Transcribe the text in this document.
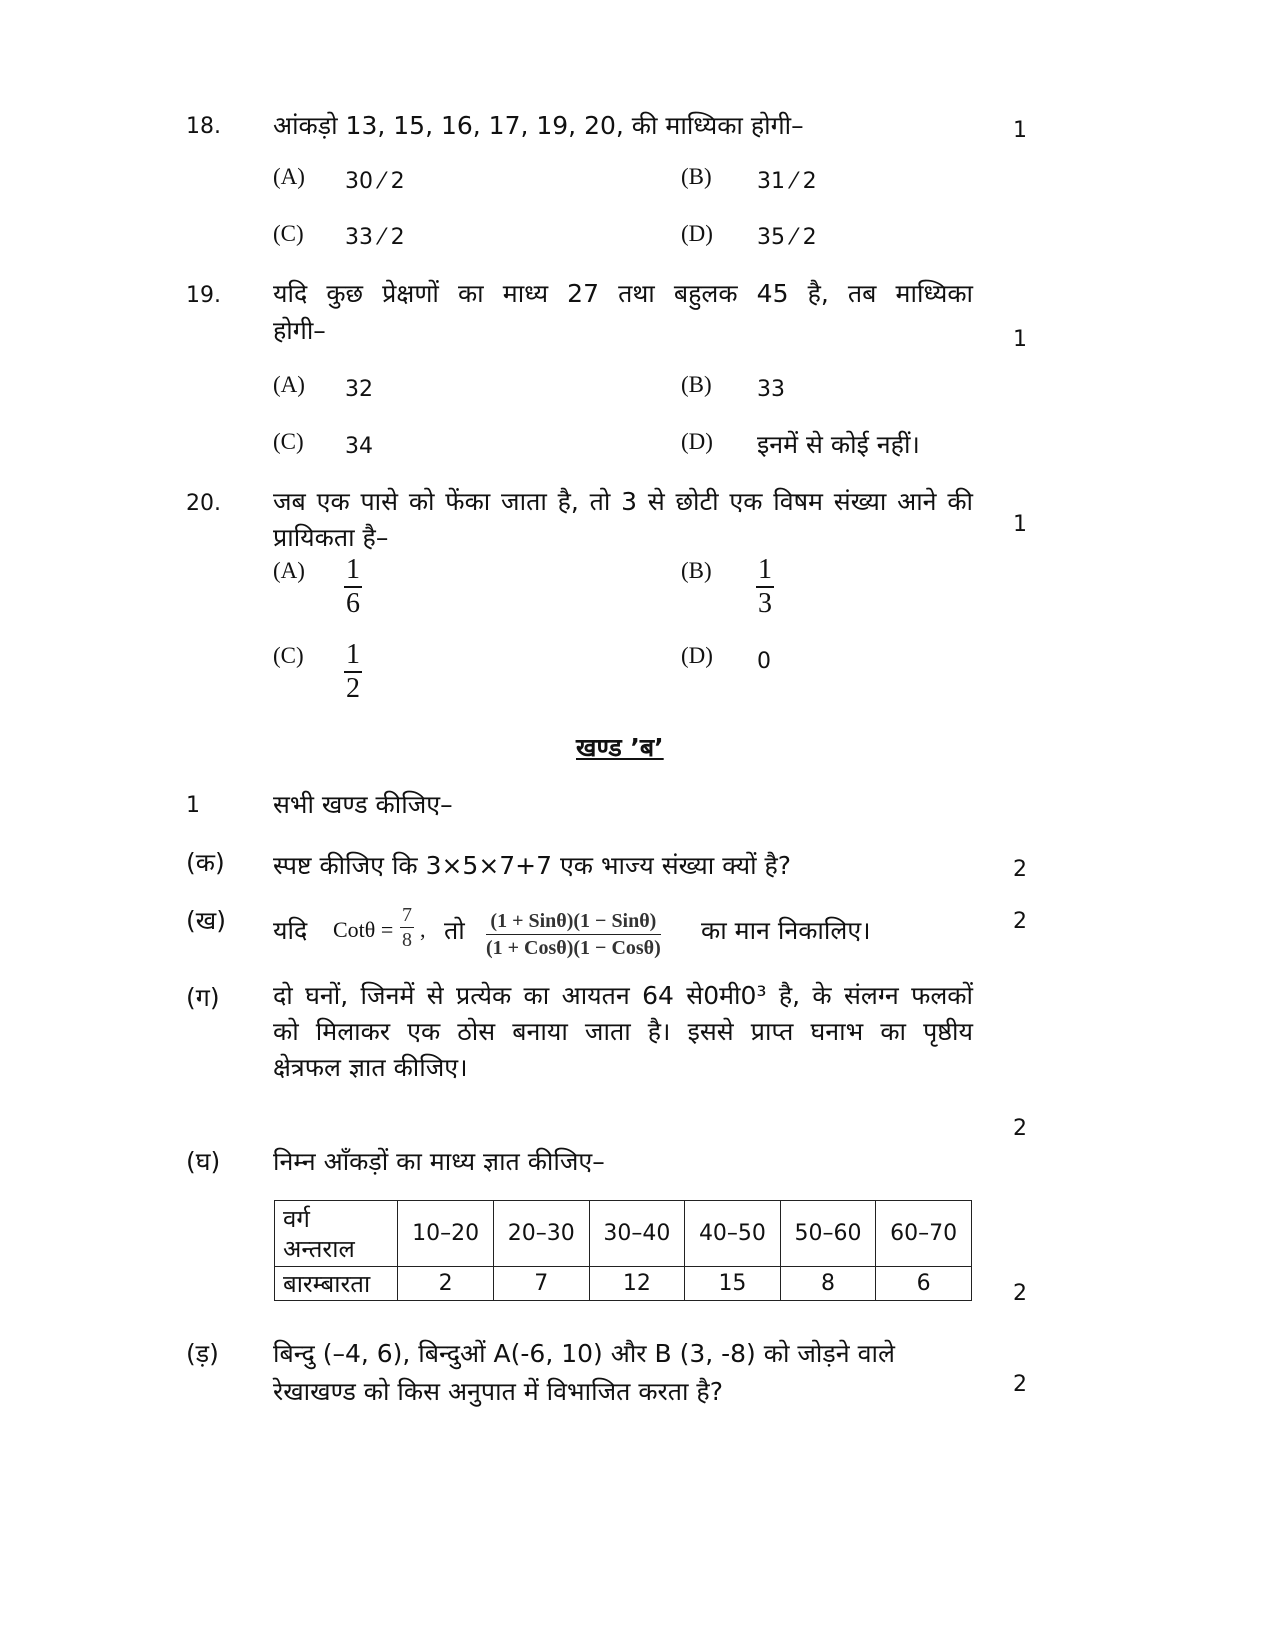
18. आंकड़ो 13, 15, 16, 17, 19, 20, की माध्यिका होगी–	1
(A) 30 ⁄ 2	(B) 31 ⁄ 2
(C) 33 ⁄ 2	(D) 35 ⁄ 2
19. यदि कुछ प्रेक्षणों का माध्य 27 तथा बहुलक 45 है, तब माध्यिका
होगी–	1
(A) 32	(B) 33
(C) 34	(D) इनमें से कोई नहीं।
20. जब एक पासे को फेंका जाता है, तो 3 से छोटी एक विषम संख्या आने की
प्रायिकता है–	1
(A) 1
6
(B) 1
3
(C) 1
2
(D) 0
खण्ड ’ब’
1	सभी खण्ड कीजिए–
(क) स्पष्ट कीजिए कि 3×5×7+7 एक भाज्य संख्या क्यों है?	2
(ख) यदि Cotθ =
7
8 , तो (1 + Sinθ)(1 − Sinθ)
(1 + Cosθ)(1 − Cosθ)
का मान निकालिए।	2
(ग) दो घनों, जिनमें से प्रत्येक का आयतन 64 से0मी0³ है, के संलग्न फलकों
को मिलाकर एक ठोस बनाया जाता है। इससे प्राप्त घनाभ का पृष्ठीय
क्षेत्रफल ज्ञात कीजिए।
2
(घ) निम्न आँकड़ों का माध्य ज्ञात कीजिए–
वर्ग
अन्तराल	10–20	20–30	30–40	40–50	50–60	60–70
बारम्बारता	2	7	12	15	8	6	2
(ड़) बिन्दु (–4, 6), बिन्दुओं A(-6, 10) और B (3, -8) को जोड़ने वाले
रेखाखण्ड को किस अनुपात में विभाजित करता है?	2
